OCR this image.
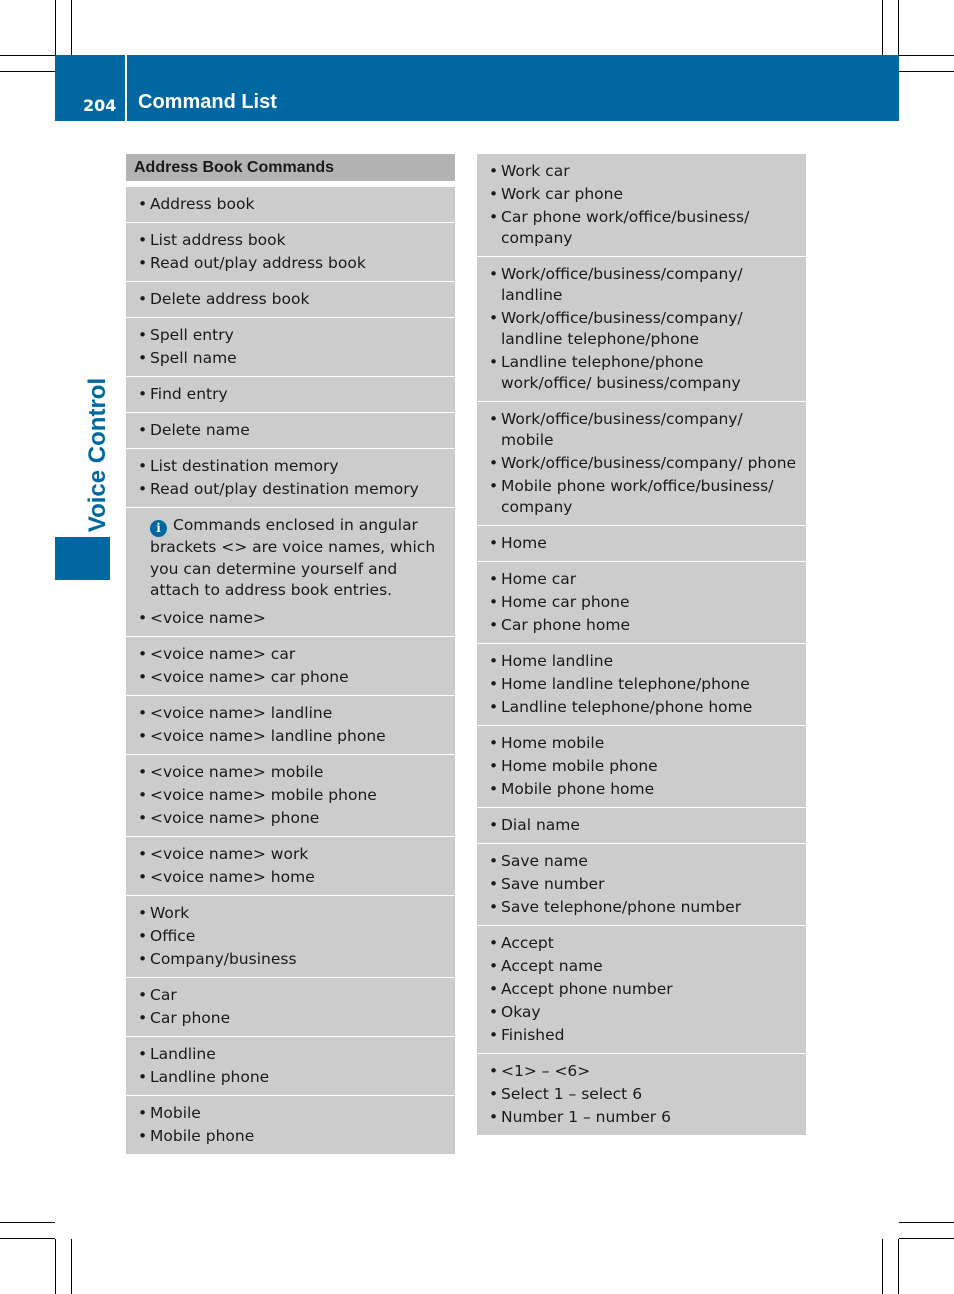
204 Command List
Voice Control
Address Book Commands
• Address book
• List address book
• Read out/play address book
• Delete address book
• Spell entry
• Spell name
• Find entry
• Delete name
• List destination memory
• Read out/play destination memory
i Commands enclosed in angular brackets <> are voice names, which you can determine yourself and attach to address book entries.
• <voice name>
• <voice name> car
• <voice name> car phone
• <voice name> landline
• <voice name> landline phone
• <voice name> mobile
• <voice name> mobile phone
• <voice name> phone
• <voice name> work
• <voice name> home
• Work
• Office
• Company/business
• Car
• Car phone
• Landline
• Landline phone
• Mobile
• Mobile phone
• Work car
• Work car phone
• Car phone work/office/business/ company
• Work/office/business/company/ landline
• Work/office/business/company/ landline telephone/phone
• Landline telephone/phone work/office/ business/company
• Work/office/business/company/ mobile
• Work/office/business/company/ phone
• Mobile phone work/office/business/ company
• Home
• Home car
• Home car phone
• Car phone home
• Home landline
• Home landline telephone/phone
• Landline telephone/phone home
• Home mobile
• Home mobile phone
• Mobile phone home
• Dial name
• Save name
• Save number
• Save telephone/phone number
• Accept
• Accept name
• Accept phone number
• Okay
• Finished
• <1> – <6>
• Select 1 – select 6
• Number 1 – number 6
